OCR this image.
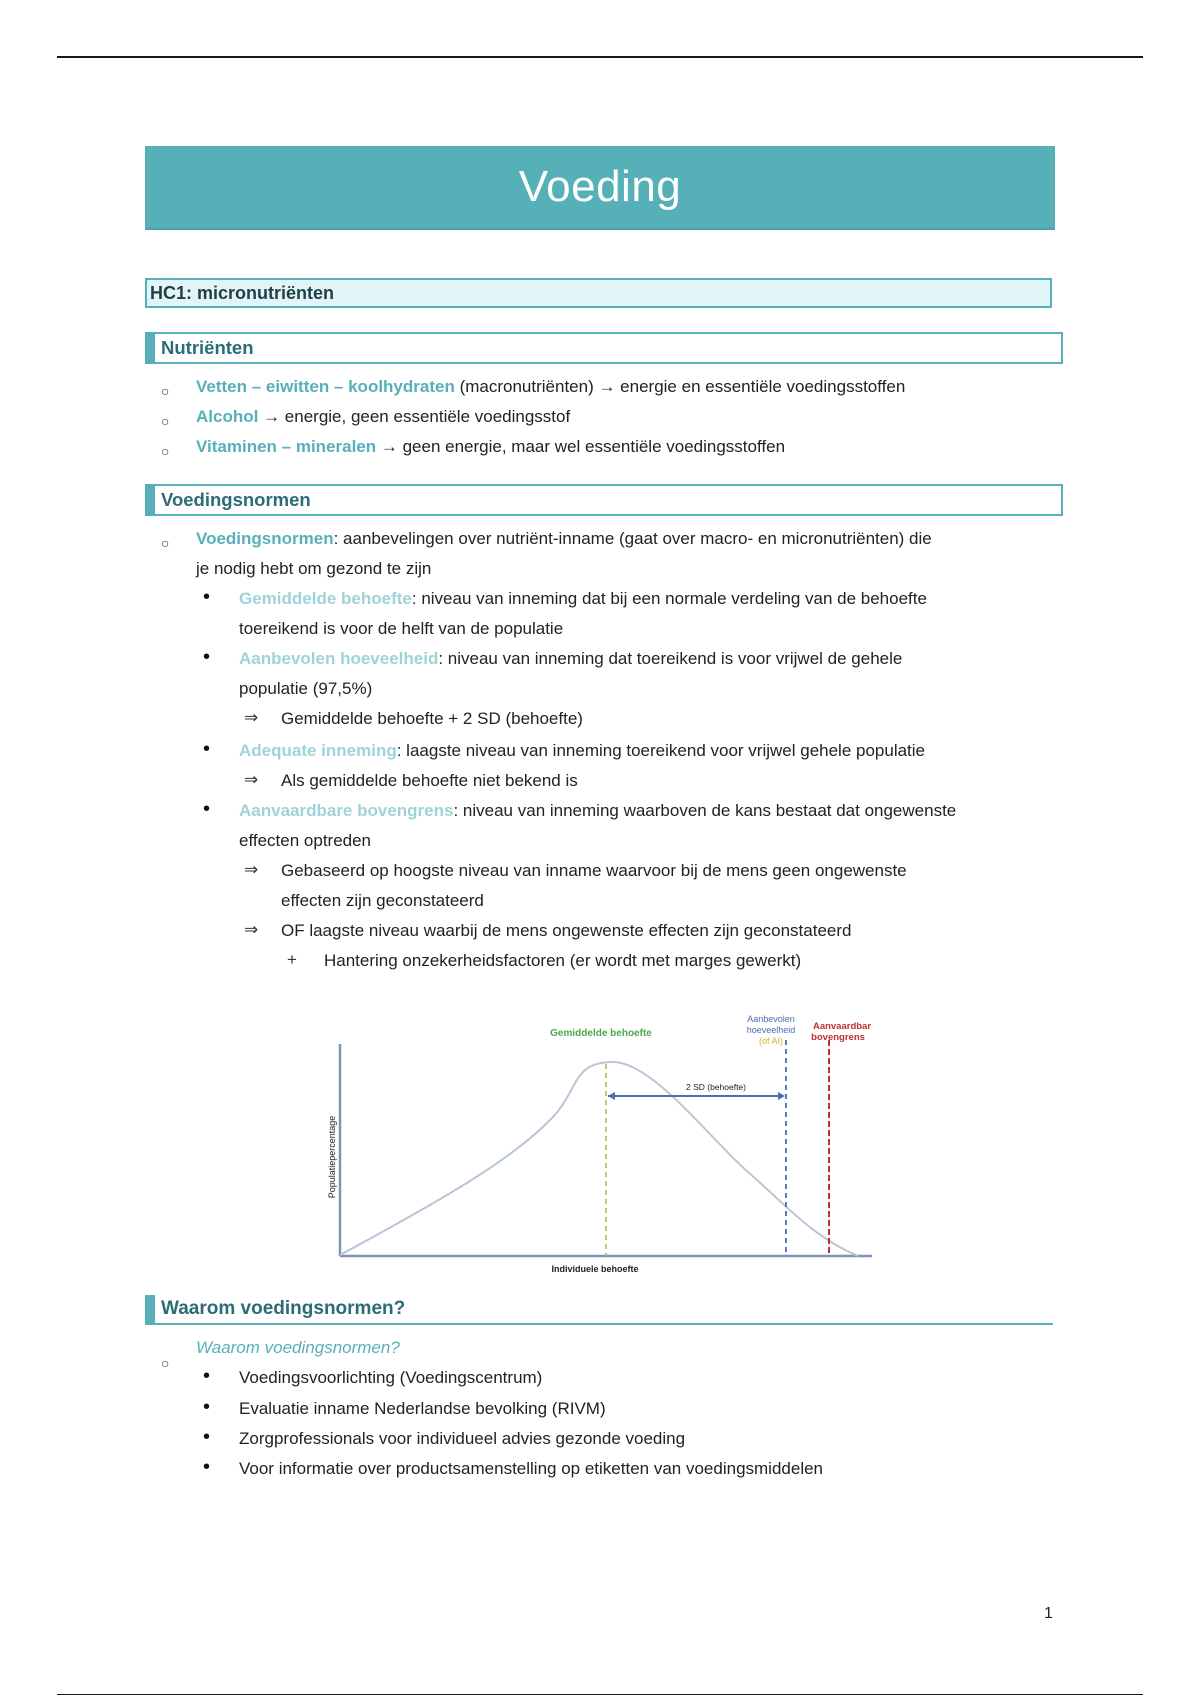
Voeding
HC1: micronutriënten
Nutriënten
○ Vetten – eiwitten – koolhydraten (macronutriënten) → energie en essentiële voedingsstoffen
○ Alcohol → energie, geen essentiële voedingsstof
○ Vitaminen – mineralen → geen energie, maar wel essentiële voedingsstoffen
Voedingsnormen
○ Voedingsnormen: aanbevelingen over nutriënt-inname (gaat over macro- en micronutriënten) die
je nodig hebt om gezond te zijn
• Gemiddelde behoefte: niveau van inneming dat bij een normale verdeling van de behoefte
toereikend is voor de helft van de populatie
• Aanbevolen hoeveelheid: niveau van inneming dat toereikend is voor vrijwel de gehele
populatie (97,5%)
⇒ Gemiddelde behoefte + 2 SD (behoefte)
• Adequate inneming: laagste niveau van inneming toereikend voor vrijwel gehele populatie
⇒ Als gemiddelde behoefte niet bekend is
• Aanvaardbare bovengrens: niveau van inneming waarboven de kans bestaat dat ongewenste
effecten optreden
⇒ Gebaseerd op hoogste niveau van inname waarvoor bij de mens geen ongewenste
effecten zijn geconstateerd
⇒ OF laagste niveau waarbij de mens ongewenste effecten zijn geconstateerd
+ Hantering onzekerheidsfactoren (er wordt met marges gewerkt)
Gemiddelde behoefte
Aanbevolen
hoeveelheid
(of AI)
Aanvaardbar
bovengrens
2 SD (behoefte)
Populatiepercentage
Individuele behoefte
Waarom voedingsnormen?
○
Waarom voedingsnormen?
• Voedingsvoorlichting (Voedingscentrum)
• Evaluatie inname Nederlandse bevolking (RIVM)
• Zorgprofessionals voor individueel advies gezonde voeding
• Voor informatie over productsamenstelling op etiketten van voedingsmiddelen
1
